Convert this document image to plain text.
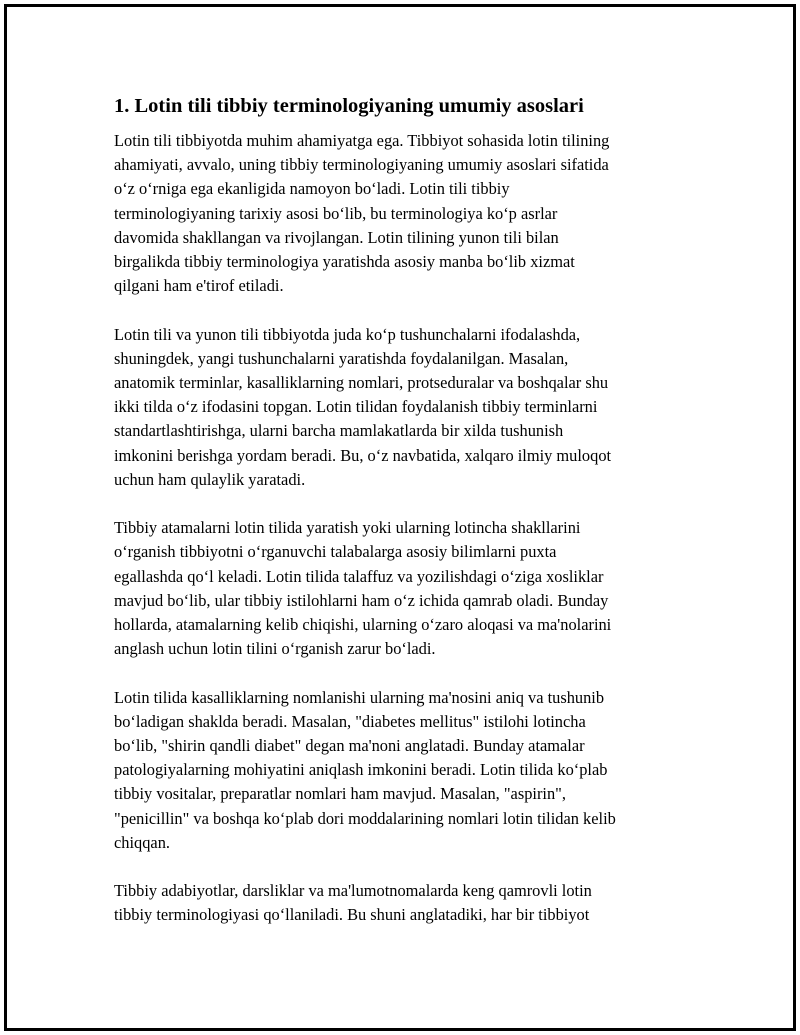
1. Lotin tili tibbiy terminologiyaning umumiy asoslari

Lotin tili tibbiyotda muhim ahamiyatga ega. Tibbiyot sohasida lotin tilining
ahamiyati, avvalo, uning tibbiy terminologiyaning umumiy asoslari sifatida
o‘z o‘rniga ega ekanligida namoyon bo‘ladi. Lotin tili tibbiy
terminologiyaning tarixiy asosi bo‘lib, bu terminologiya ko‘p asrlar
davomida shakllangan va rivojlangan. Lotin tilining yunon tili bilan
birgalikda tibbiy terminologiya yaratishda asosiy manba bo‘lib xizmat
qilgani ham e'tirof etiladi.

Lotin tili va yunon tili tibbiyotda juda ko‘p tushunchalarni ifodalashda,
shuningdek, yangi tushunchalarni yaratishda foydalanilgan. Masalan,
anatomik terminlar, kasalliklarning nomlari, protseduralar va boshqalar shu
ikki tilda o‘z ifodasini topgan. Lotin tilidan foydalanish tibbiy terminlarni
standartlashtirishga, ularni barcha mamlakatlarda bir xilda tushunish
imkonini berishga yordam beradi. Bu, o‘z navbatida, xalqaro ilmiy muloqot
uchun ham qulaylik yaratadi.

Tibbiy atamalarni lotin tilida yaratish yoki ularning lotincha shakllarini
o‘rganish tibbiyotni o‘rganuvchi talabalarga asosiy bilimlarni puxta
egallashda qo‘l keladi. Lotin tilida talaffuz va yozilishdagi o‘ziga xosliklar
mavjud bo‘lib, ular tibbiy istilohlarni ham o‘z ichida qamrab oladi. Bunday
hollarda, atamalarning kelib chiqishi, ularning o‘zaro aloqasi va ma'nolarini
anglash uchun lotin tilini o‘rganish zarur bo‘ladi.

Lotin tilida kasalliklarning nomlanishi ularning ma'nosini aniq va tushunib
bo‘ladigan shaklda beradi. Masalan, "diabetes mellitus" istilohi lotincha
bo‘lib, "shirin qandli diabet" degan ma'noni anglatadi. Bunday atamalar
patologiyalarning mohiyatini aniqlash imkonini beradi. Lotin tilida ko‘plab
tibbiy vositalar, preparatlar nomlari ham mavjud. Masalan, "aspirin",
"penicillin" va boshqa ko‘plab dori moddalarining nomlari lotin tilidan kelib
chiqqan.

Tibbiy adabiyotlar, darsliklar va ma'lumotnomalarda keng qamrovli lotin
tibbiy terminologiyasi qo‘llaniladi. Bu shuni anglatadiki, har bir tibbiyot
